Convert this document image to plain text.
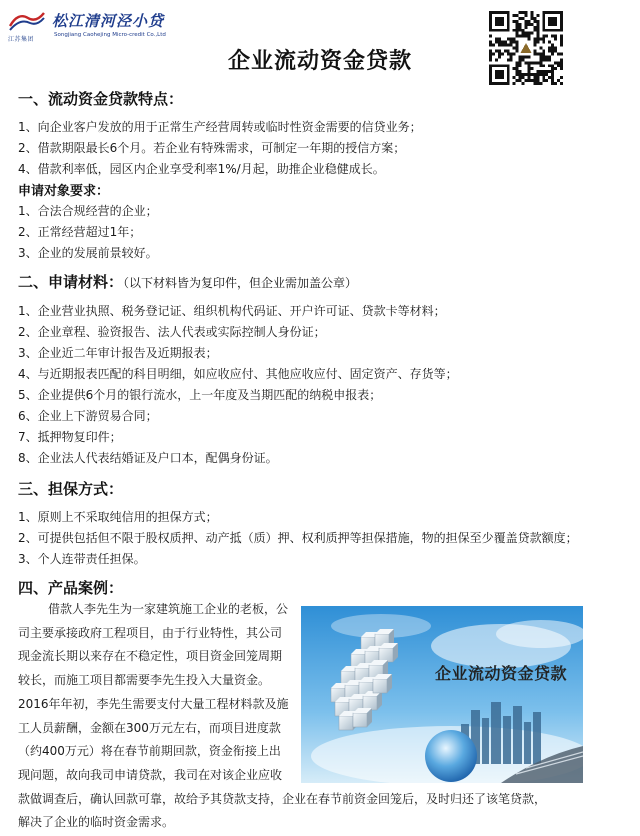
江苏集团
松江清河泾小贷
Songjiang Caohejing Micro-credit Co.,Ltd
企业流动资金贷款
一、流动资金贷款特点：
1、向企业客户发放的用于正常生产经营周转或临时性资金需要的信贷业务；
2、借款期限最长6个月。若企业有特殊需求，可制定一年期的授信方案；
4、借款利率低，园区内企业享受利率1%/月起，助推企业稳健成长。
申请对象要求：
1、合法合规经营的企业；
2、正常经营超过1年；
3、企业的发展前景较好。
二、申请材料：（以下材料皆为复印件，但企业需加盖公章）
1、企业营业执照、税务登记证、组织机构代码证、开户许可证、贷款卡等材料；
2、企业章程、验资报告、法人代表或实际控制人身份证；
3、企业近二年审计报告及近期报表；
4、与近期报表匹配的科目明细，如应收应付、其他应收应付、固定资产、存货等；
5、企业提供6个月的银行流水，上一年度及当期匹配的纳税申报表；
6、企业上下游贸易合同；
7、抵押物复印件；
8、企业法人代表结婚证及户口本，配偶身份证。
三、担保方式：
1、原则上不采取纯信用的担保方式；
2、可提供包括但不限于股权质押、动产抵（质）押、权利质押等担保措施，物的担保至少覆盖贷款额度；
3、个人连带责任担保。
四、产品案例：
企业流动资金贷款
借款人李先生为一家建筑施工企业的老板，公
司主要承接政府工程项目，由于行业特性，其公司
现金流长期以来存在不稳定性，项目资金回笼周期
较长，而施工项目都需要李先生投入大量资金。
2016年年初，李先生需要支付大量工程材料款及施
工人员薪酬，金额在300万元左右，而项目进度款
（约400万元）将在春节前期回款，资金衔接上出
现问题，故向我司申请贷款，我司在对该企业应收
款做调查后，确认回款可靠，故给予其贷款支持，企业在春节前资金回笼后，及时归还了该笔贷款，
解决了企业的临时资金需求。
